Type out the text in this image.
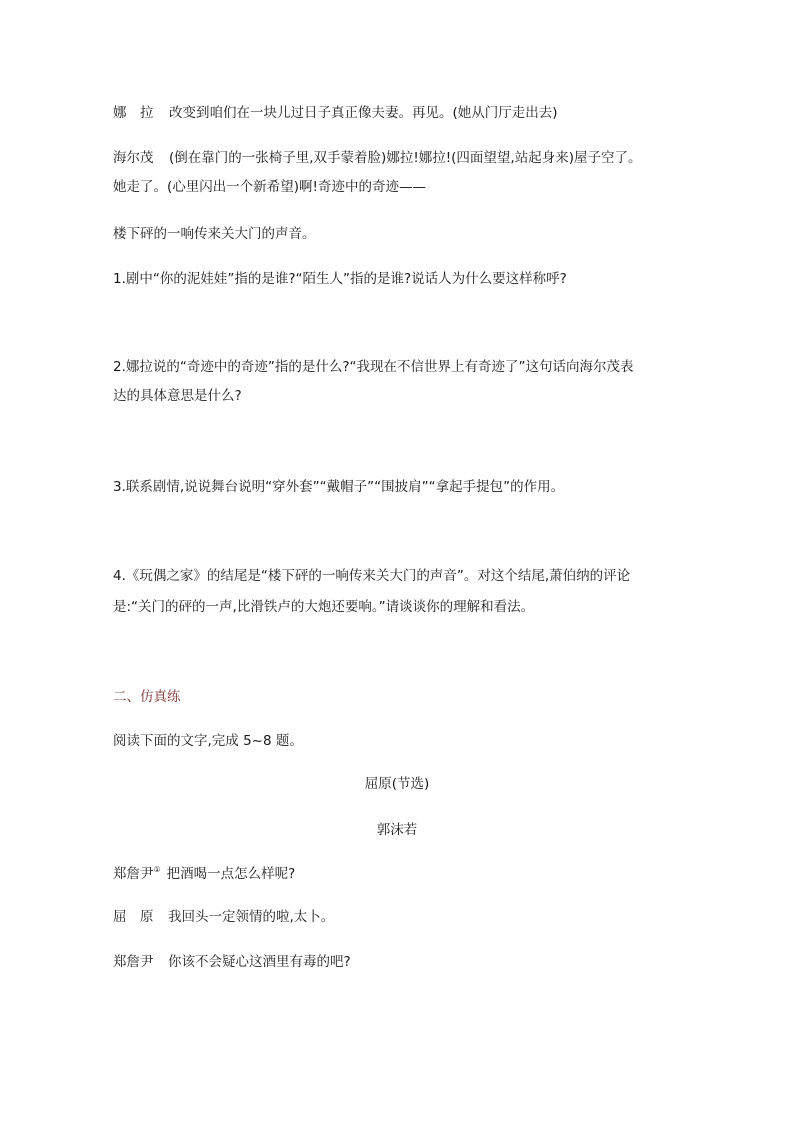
娜　拉 改变到咱们在一块儿过日子真正像夫妻。再见。(她从门厅走出去)
海尔茂 (倒在靠门的一张椅子里,双手蒙着脸)娜拉!娜拉!(四面望望,站起身来)屋子空了。
她走了。(心里闪出一个新希望)啊!奇迹中的奇迹——
楼下砰的一响传来关大门的声音。
1.剧中“你的泥娃娃”指的是谁?“陌生人”指的是谁?说话人为什么要这样称呼?
2.娜拉说的“奇迹中的奇迹”指的是什么?“我现在不信世界上有奇迹了”这句话向海尔茂表
达的具体意思是什么?
3.联系剧情,说说舞台说明“穿外套”“戴帽子”“围披肩”“拿起手提包”的作用。
4.《玩偶之家》的结尾是“楼下砰的一响传来关大门的声音”。对这个结尾,萧伯纳的评论
是:“关门的砰的一声,比滑铁卢的大炮还要响。”请谈谈你的理解和看法。
二、仿真练
阅读下面的文字,完成 5~8 题。
屈原(节选)
郭沫若
郑詹尹① 把酒喝一点怎么样呢?
屈　原 我回头一定领情的啦,太卜。
郑詹尹 你该不会疑心这酒里有毒的吧?
